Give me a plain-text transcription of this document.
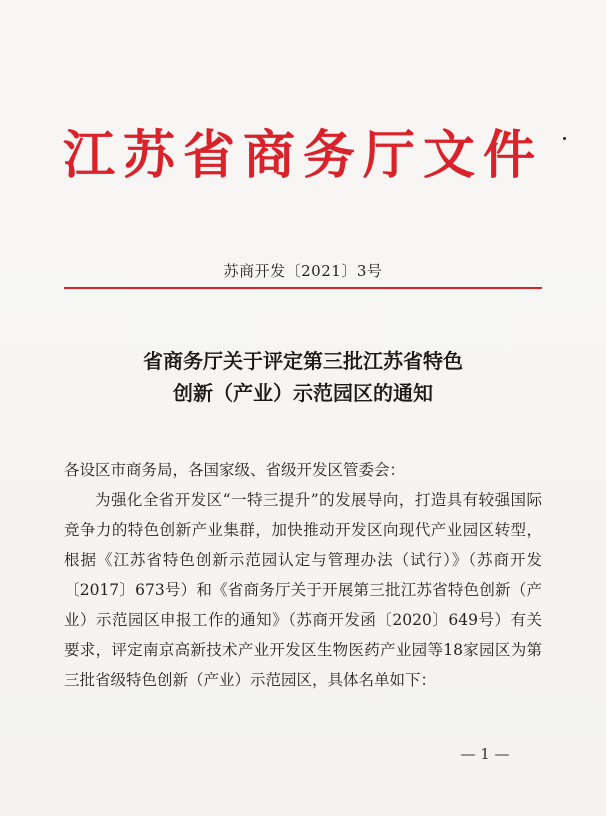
江苏省商务厅文件
苏商开发〔2021〕3号
省商务厅关于评定第三批江苏省特色
创新（产业）示范园区的通知

各设区市商务局，各国家级、省级开发区管委会：

为强化全省开发区“一特三提升”的发展导向，打造具有较强国际竞争力的特色创新产业集群，加快推动开发区向现代产业园区转型，根据《江苏省特色创新示范园认定与管理办法（试行）》（苏商开发〔2017〕673号）和《省商务厅关于开展第三批江苏省特色创新（产业）示范园区申报工作的通知》（苏商开发函〔2020〕649号）有关要求，评定南京高新技术产业开发区生物医药产业园等18家园区为第三批省级特色创新（产业）示范园区，具体名单如下：

— 1 —
